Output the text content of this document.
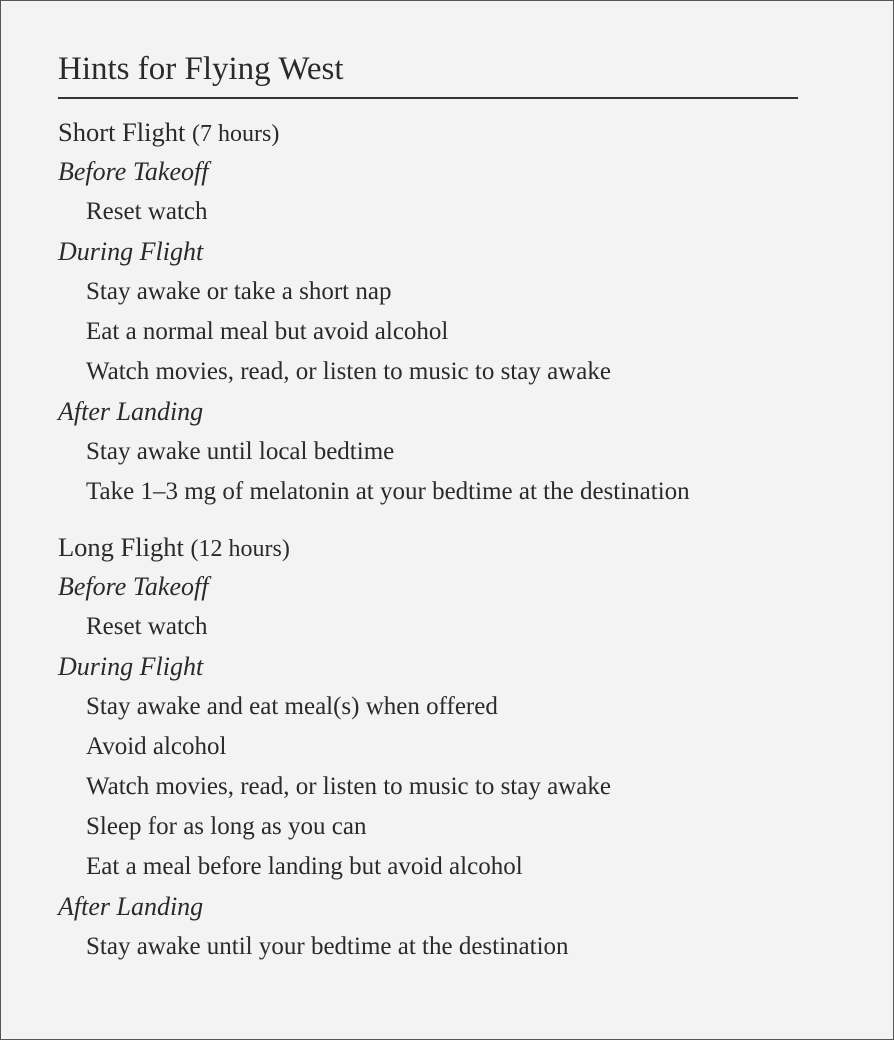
Hints for Flying West
Short Flight (7 hours)
Before Takeoff
Reset watch
During Flight
Stay awake or take a short nap
Eat a normal meal but avoid alcohol
Watch movies, read, or listen to music to stay awake
After Landing
Stay awake until local bedtime
Take 1–3 mg of melatonin at your bedtime at the destination
Long Flight (12 hours)
Before Takeoff
Reset watch
During Flight
Stay awake and eat meal(s) when offered
Avoid alcohol
Watch movies, read, or listen to music to stay awake
Sleep for as long as you can
Eat a meal before landing but avoid alcohol
After Landing
Stay awake until your bedtime at the destination
